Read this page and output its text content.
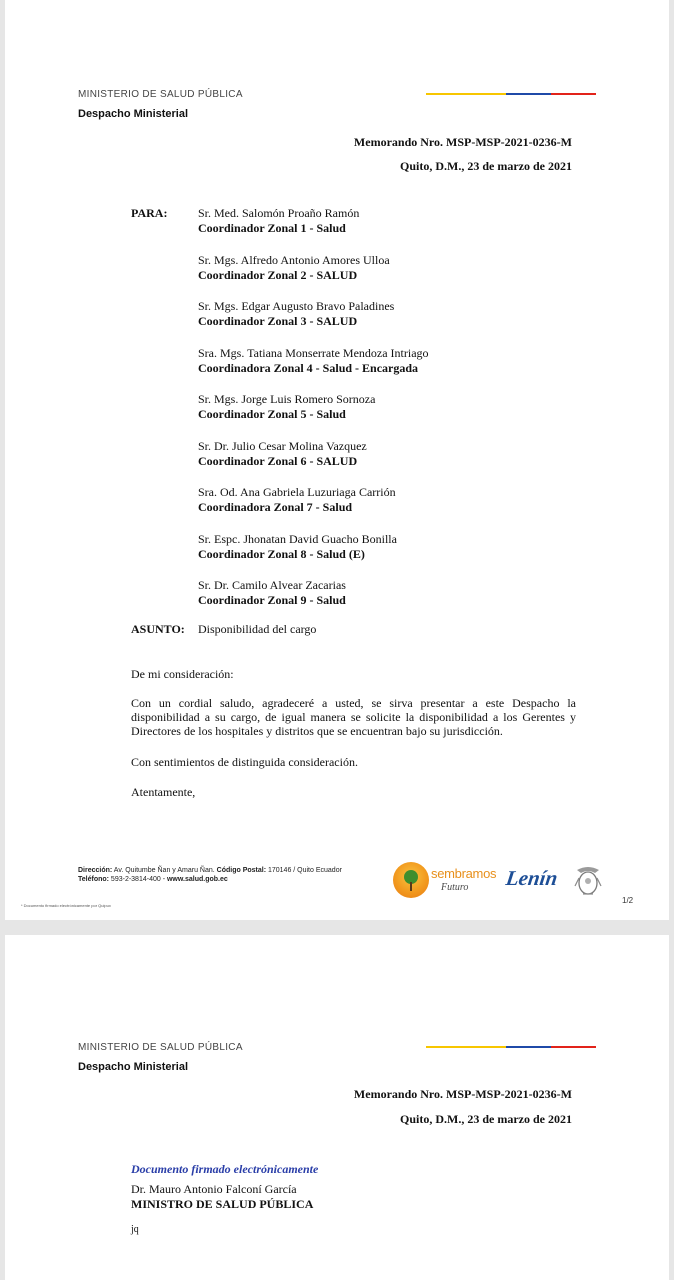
MINISTERIO DE SALUD PÚBLICA
Despacho Ministerial
Memorando Nro. MSP-MSP-2021-0236-M
Quito, D.M., 23 de marzo de 2021
PARA:	Sr. Med. Salomón Proaño Ramón
Coordinador Zonal 1 - Salud
Sr. Mgs. Alfredo Antonio Amores Ulloa
Coordinador Zonal 2 - SALUD
Sr. Mgs. Edgar Augusto Bravo Paladines
Coordinador Zonal 3 - SALUD
Sra. Mgs. Tatiana Monserrate Mendoza Intriago
Coordinadora Zonal 4 - Salud - Encargada
Sr. Mgs. Jorge Luis Romero Sornoza
Coordinador Zonal 5 - Salud
Sr. Dr. Julio Cesar Molina Vazquez
Coordinador Zonal 6 - SALUD
Sra. Od. Ana Gabriela Luzuriaga Carrión
Coordinadora Zonal 7 - Salud
Sr. Espc. Jhonatan David Guacho Bonilla
Coordinador Zonal 8 - Salud (E)
Sr. Dr. Camilo Alvear Zacarias
Coordinador Zonal 9 - Salud
ASUNTO: Disponibilidad del cargo
De mi consideración:
Con un cordial saludo, agradeceré a usted, se sirva presentar a este Despacho la disponibilidad a su cargo, de igual manera se solicite la disponibilidad a los Gerentes y Directores de los hospitales y distritos que se encuentran bajo su jurisdicción.
Con sentimientos de distinguida consideración.
Atentamente,
Dirección: Av. Quitumbe Ñan y Amaru Ñan. Código Postal: 170146 / Quito Ecuador
Teléfono: 593-2-3814-400 - www.salud.gob.ec	sembramos
Futuro Lenín
* Documento firmado electrónicamente por Quipux
1/2
MINISTERIO DE SALUD PÚBLICA
Despacho Ministerial
Memorando Nro. MSP-MSP-2021-0236-M
Quito, D.M., 23 de marzo de 2021
Documento firmado electrónicamente
Dr. Mauro Antonio Falconí García
MINISTRO DE SALUD PÚBLICA
jq
